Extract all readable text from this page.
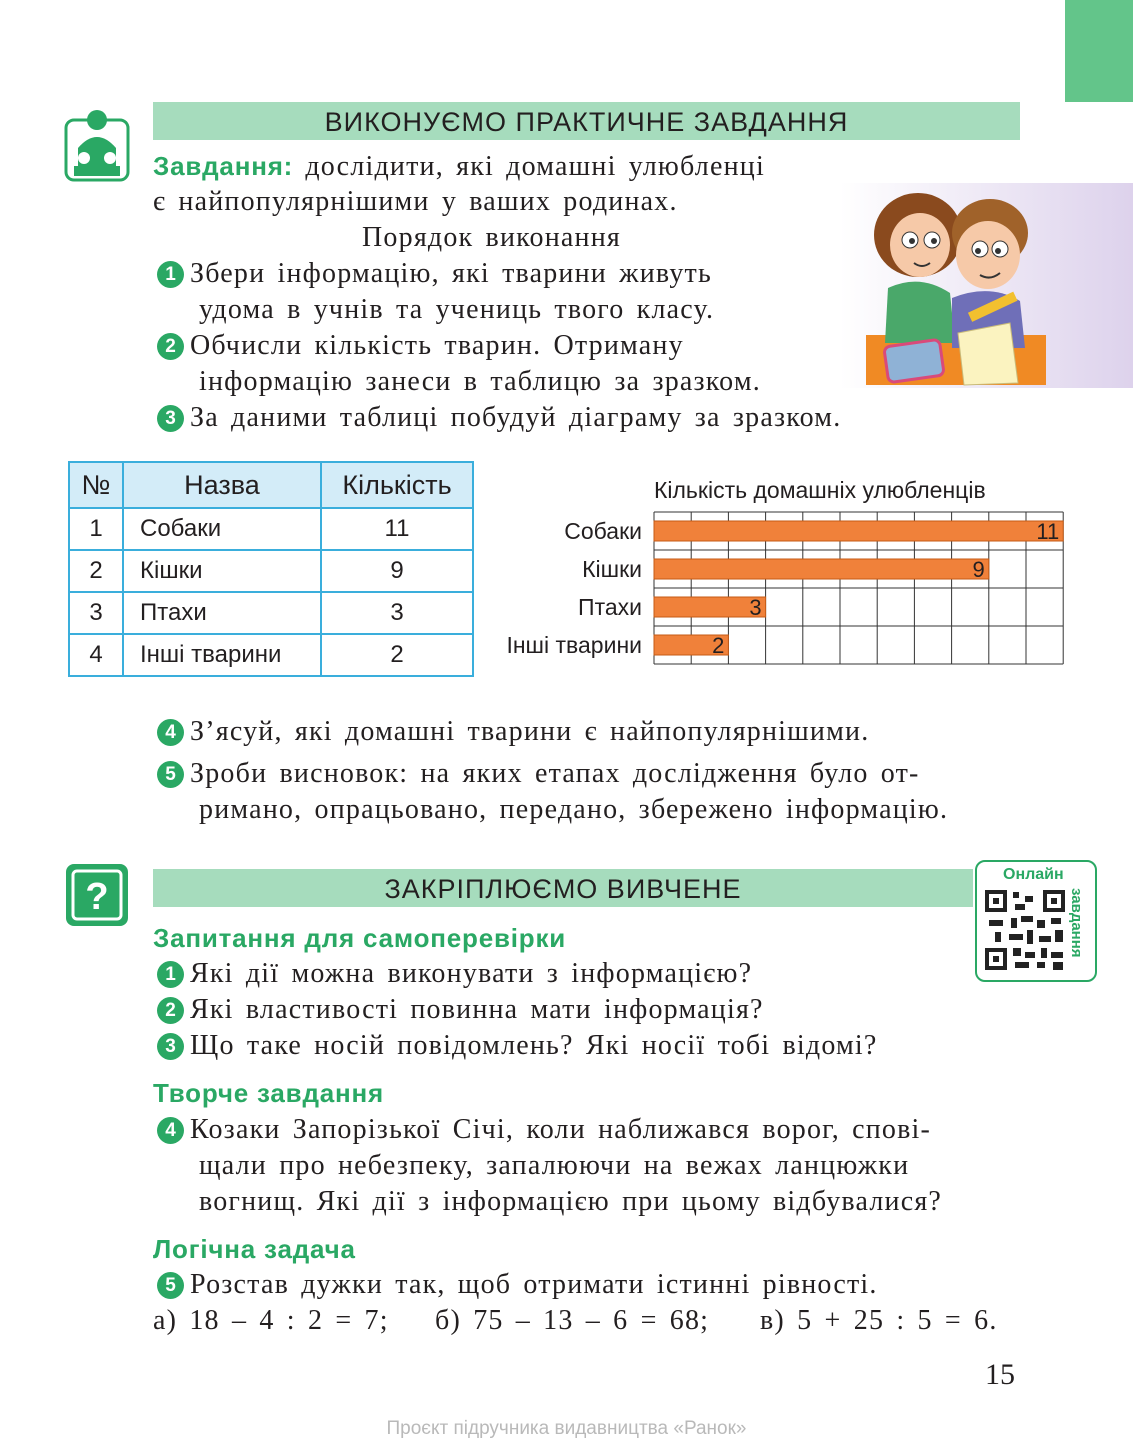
ВИКОНУЄМО ПРАКТИЧНЕ ЗАВДАННЯ
Завдання: дослідити, які домашні улюбленці
є найпопулярнішими у ваших родинах.
Порядок виконання
1 Збери інформацію, які тварини живуть
удома в учнів та учениць твого класу.
2 Обчисли кількість тварин. Отриману
інформацію занеси в таблицю за зразком.
3 За даними таблиці побудуй діаграму за зразком.
№	Назва	Кількість
1	Собаки	11
2	Кішки	9
3	Птахи	3
4	Інші тварини	2
Кількість домашніх улюбленців
11
Собаки
9
Кішки
3
Птахи
2
Інші тварини
4 З’ясуй, які домашні тварини є найпопулярнішими.
5 Зроби висновок: на яких етапах дослідження було от-
римано, опрацьовано, передано, збережено інформацію.
?	ЗАКРІПЛЮЄМО ВИВЧЕНЕ	Онлайн
завдання
Запитання для самоперевірки
1 Які дії можна виконувати з інформацією?
2 Які властивості повинна мати інформація?
3 Що таке носій повідомлень? Які носії тобі відомі?
Творче завдання
4 Козаки Запорізької Січі, коли наближався ворог, спові-
щали про небезпеку, запалюючи на вежах ланцюжки
вогнищ. Які дії з інформацією при цьому відбувалися?
Логічна задача
5 Розстав дужки так, щоб отримати істинні рівності.
а) 18 – 4 : 2 = 7; б) 75 – 13 – 6 = 68; в) 5 + 25 : 5 = 6.
15
Проєкт підручника видавництва «Ранок»
